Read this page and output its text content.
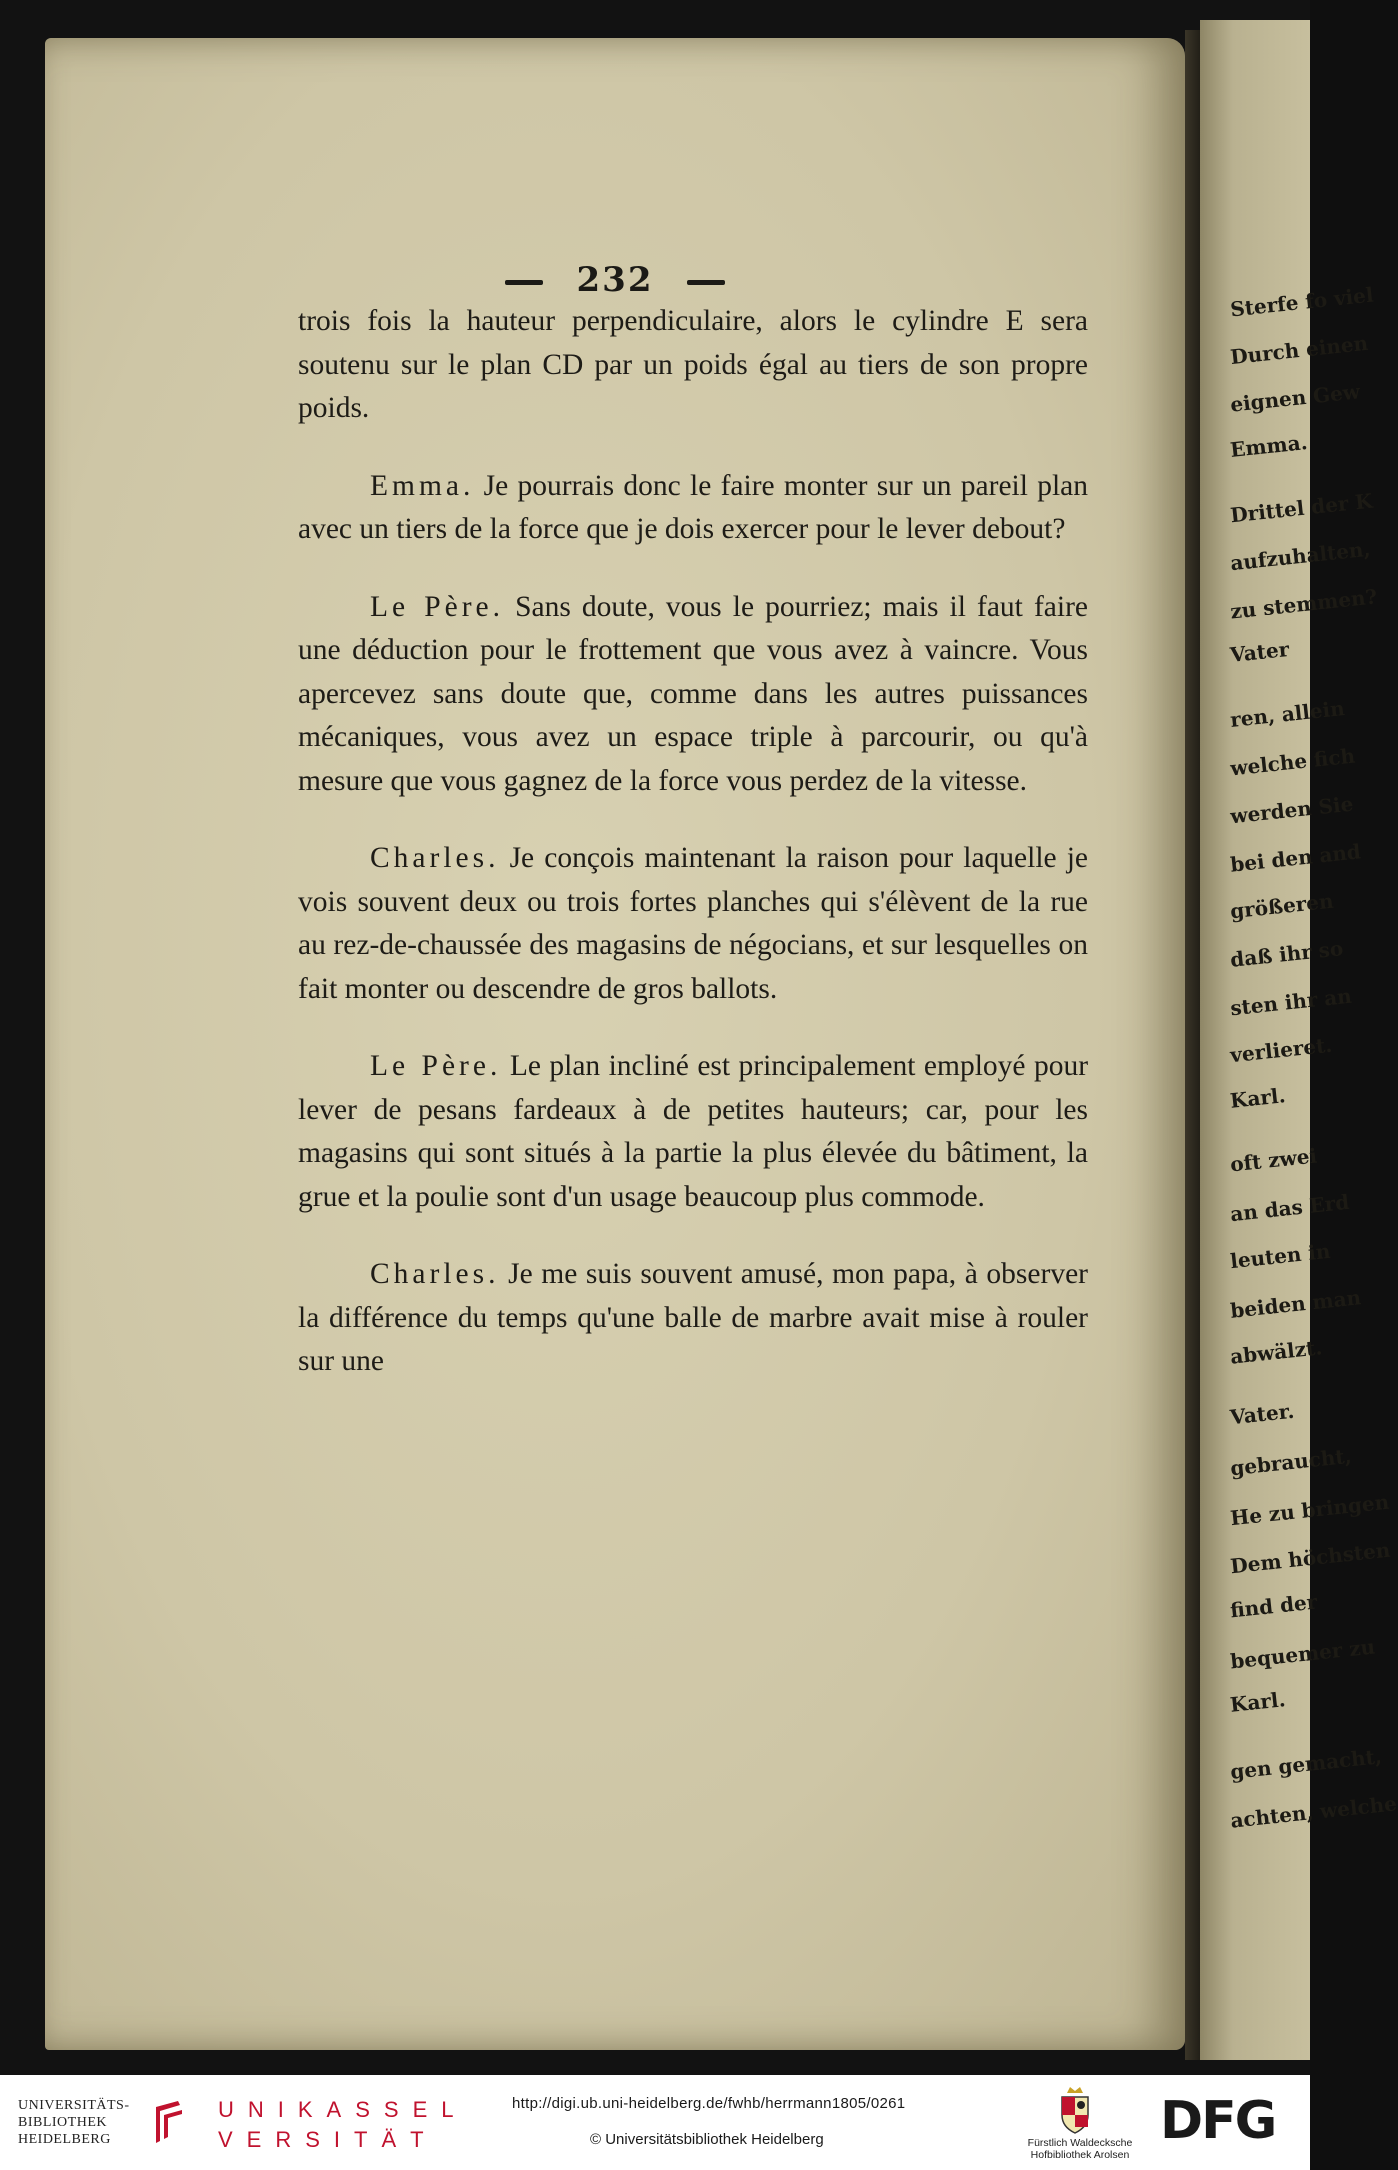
232
Sterfe fo viel
Durch einen
eignen Gew
Emma.
Drittel der K
aufzuhalten,
zu stemmen?
Vater
ren, allein
welche fich
werden Sie
bei den and
größeren
daß ihr so
sten ihr an
verlieret.
Karl.
oft zwei
an das Erd
leuten in
beiden man
abwälzt.
Vater.
gebraucht,
He zu bringen
Dem höchsten
find der
bequemer zu
Karl.
gen gemacht,
achten, welche

trois fois la hauteur perpendiculaire, alors le cylindre E sera soutenu sur le plan CD par un poids égal au tiers de son propre poids.

Emma. Je pourrais donc le faire monter sur un pareil plan avec un tiers de la force que je dois exercer pour le lever debout?

Le Père. Sans doute, vous le pourriez; mais il faut faire une déduction pour le frottement que vous avez à vaincre. Vous apercevez sans doute que, comme dans les autres puissances mécaniques, vous avez un espace triple à parcourir, ou qu'à mesure que vous gagnez de la force vous perdez de la vitesse.

Charles. Je conçois maintenant la raison pour laquelle je vois souvent deux ou trois fortes planches qui s'élèvent de la rue au rez-de-chaussée des magasins de négocians, et sur lesquelles on fait monter ou descendre de gros ballots.

Le Père. Le plan incliné est principalement employé pour lever de pesans fardeaux à de petites hauteurs; car, pour les magasins qui sont situés à la partie la plus élevée du bâtiment, la grue et la poulie sont d'un usage beaucoup plus commode.

Charles. Je me suis souvent amusé, mon papa, à observer la différence du temps qu'une balle de marbre avait mise à rouler sur une

UNIVERSITÄTS-
BIBLIOTHEK
HEIDELBERG
UNIKASSEL
VERSITÄT
http://digi.ub.uni-heidelberg.de/fwhb/herrmann1805/0261
© Universitätsbibliothek Heidelberg	Fürstlich Waldecksche
Hofbibliothek Arolsen
DFG
